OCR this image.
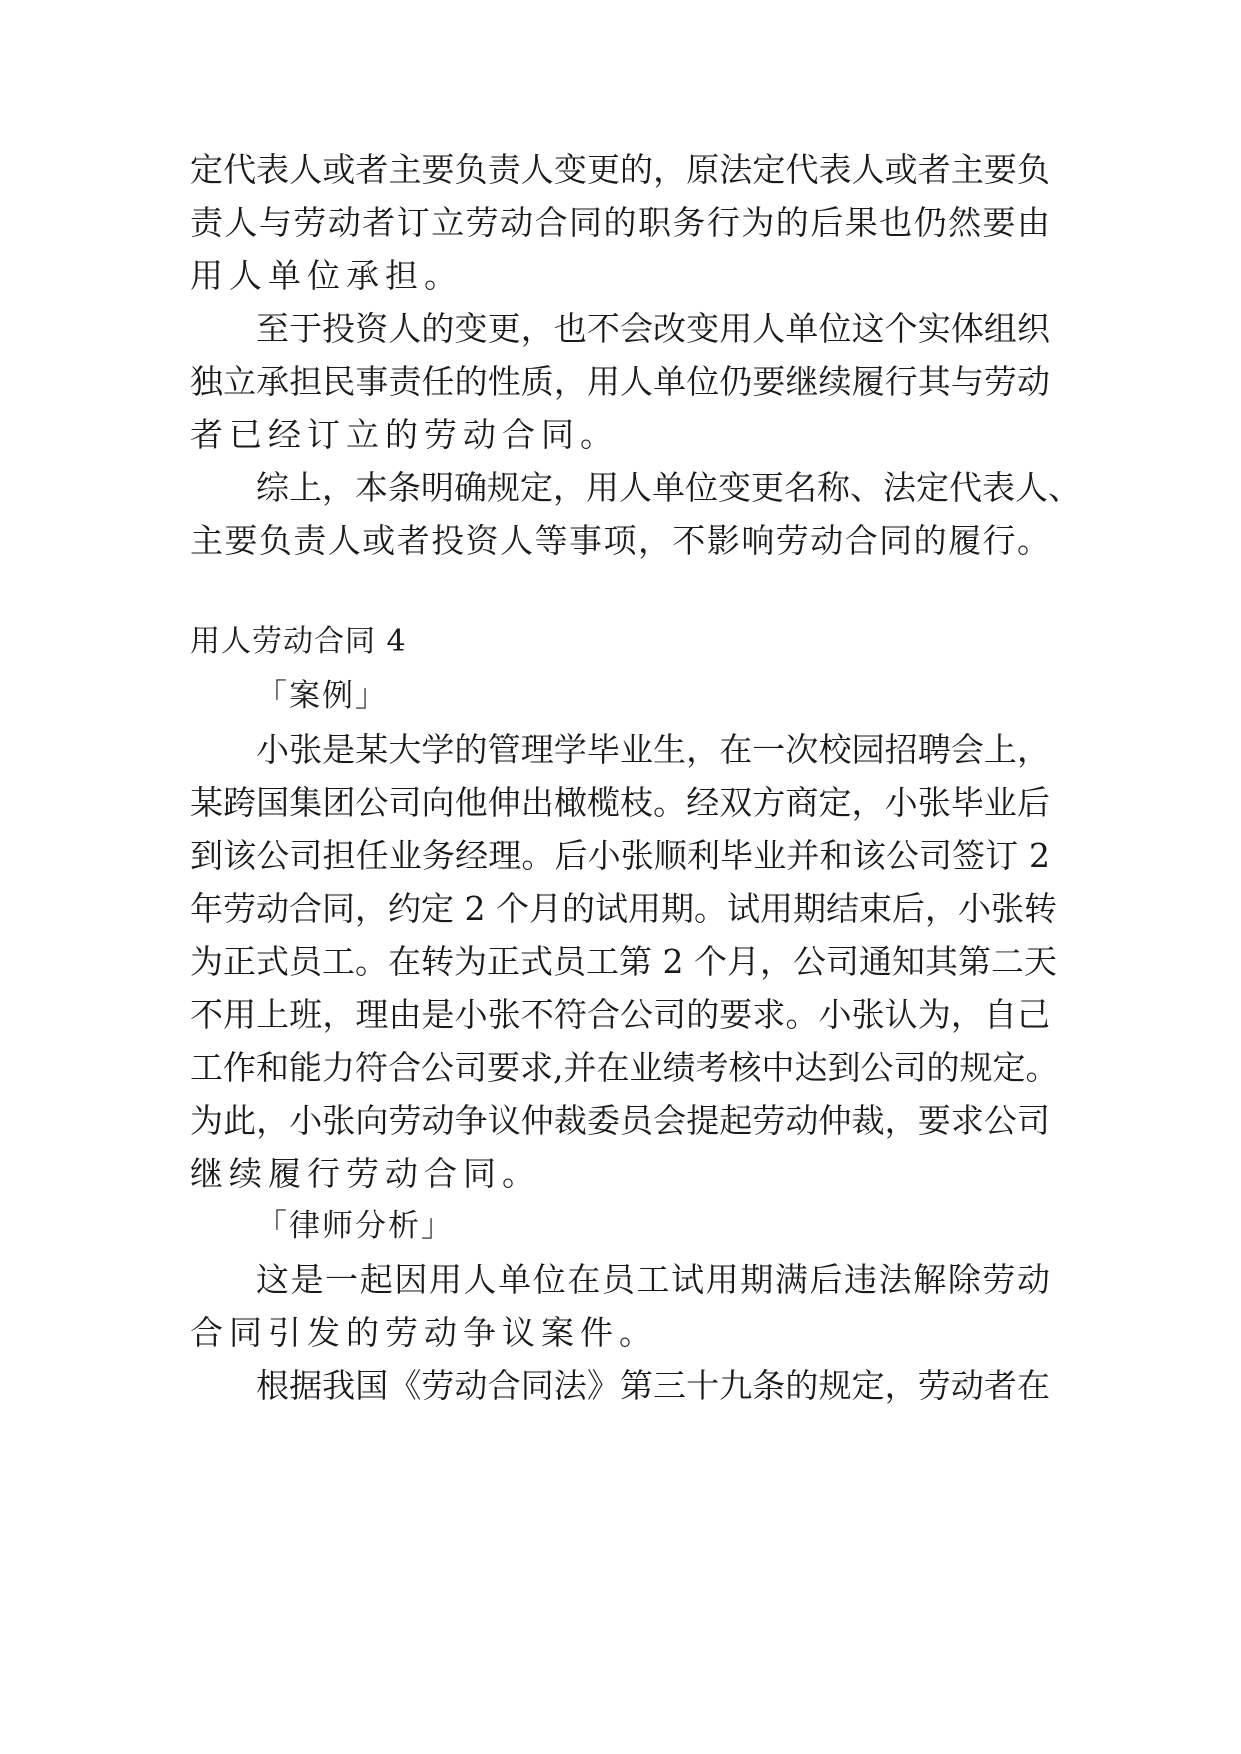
定代表人或者主要负责人变更的，原法定代表人或者主要负
责人与劳动者订立劳动合同的职务行为的后果也仍然要由
用人单位承担。
至于投资人的变更，也不会改变用人单位这个实体组织
独立承担民事责任的性质，用人单位仍要继续履行其与劳动
者已经订立的劳动合同。
综上，本条明确规定，用人单位变更名称、法定代表人、
主要负责人或者投资人等事项，不影响劳动合同的履行。
用人劳动合同 4
「案例」
小张是某大学的管理学毕业生，在一次校园招聘会上，
某跨国集团公司向他伸出橄榄枝。经双方商定，小张毕业后
到该公司担任业务经理。后小张顺利毕业并和该公司签订 2
年劳动合同，约定 2 个月的试用期。试用期结束后，小张转
为正式员工。在转为正式员工第 2 个月，公司通知其第二天
不用上班，理由是小张不符合公司的要求。小张认为，自己
工作和能力符合公司要求,并在业绩考核中达到公司的规定。
为此，小张向劳动争议仲裁委员会提起劳动仲裁，要求公司
继续履行劳动合同。
「律师分析」
这是一起因用人单位在员工试用期满后违法解除劳动
合同引发的劳动争议案件。
根据我国《劳动合同法》第三十九条的规定，劳动者在
